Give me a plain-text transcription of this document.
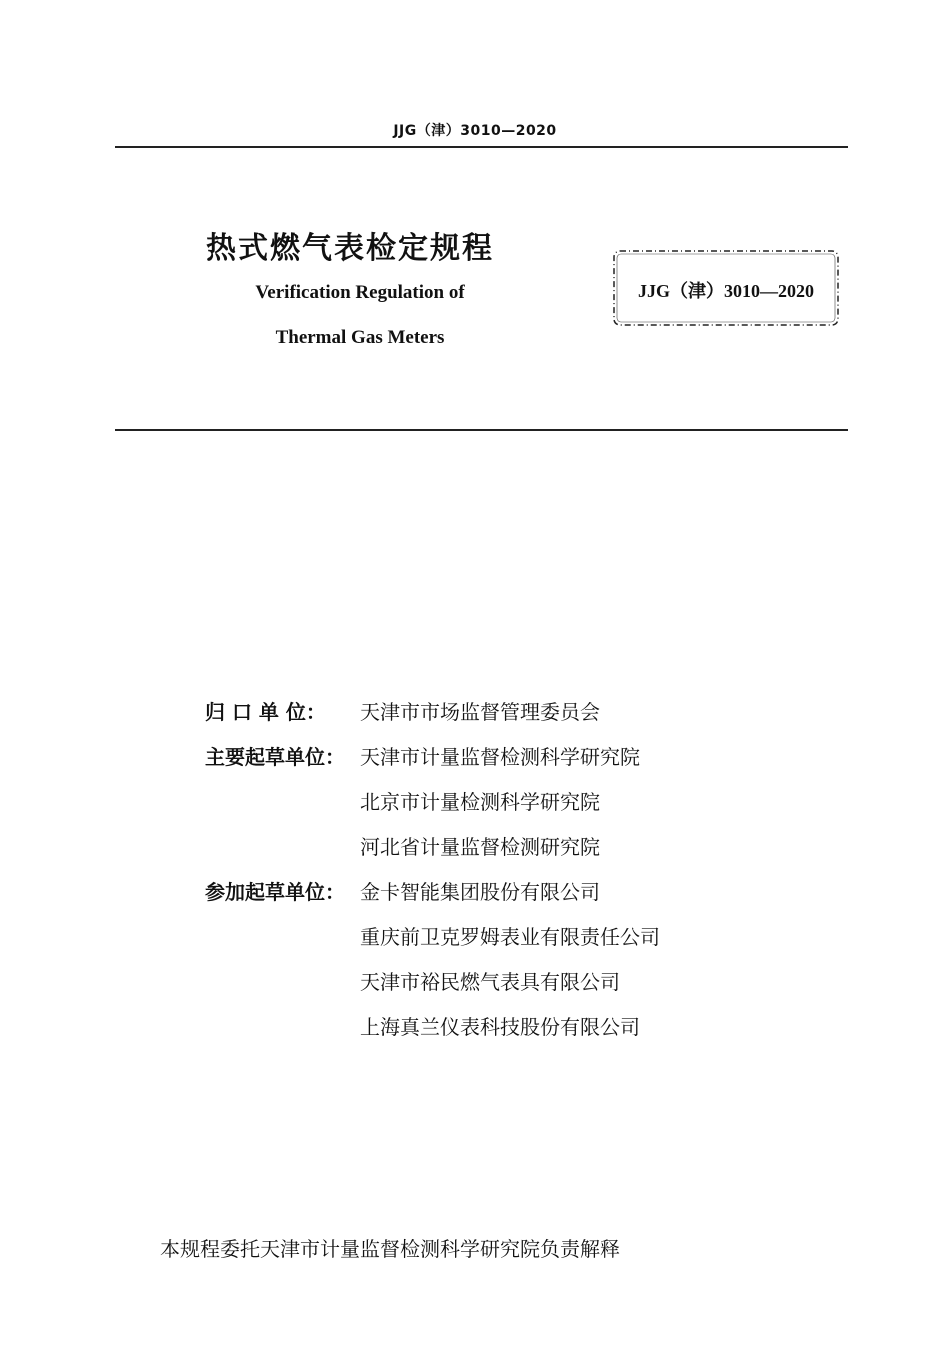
JJG（津）3010—2020
热式燃气表检定规程
Verification Regulation of
Thermal Gas Meters
JJG（津）3010—2020
归 口 单 位： 天津市市场监督管理委员会
主要起草单位： 天津市计量监督检测科学研究院
北京市计量检测科学研究院
河北省计量监督检测研究院
参加起草单位： 金卡智能集团股份有限公司
重庆前卫克罗姆表业有限责任公司
天津市裕民燃气表具有限公司
上海真兰仪表科技股份有限公司
本规程委托天津市计量监督检测科学研究院负责解释
